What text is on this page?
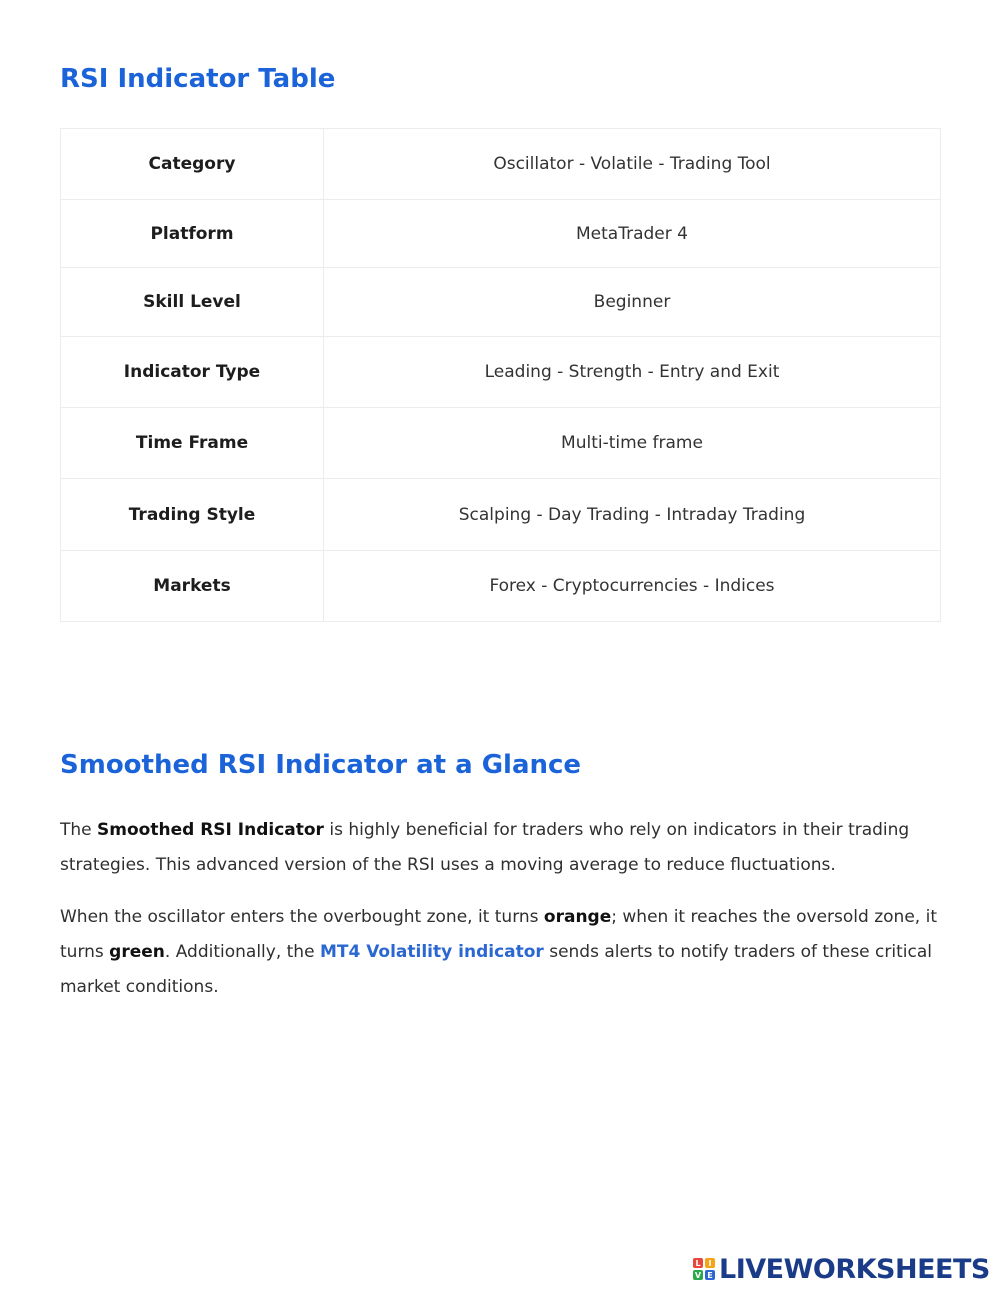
RSI Indicator Table
Category	Oscillator - Volatile - Trading Tool
Platform	MetaTrader 4
Skill Level	Beginner
Indicator Type	Leading - Strength - Entry and Exit
Time Frame	Multi-time frame
Trading Style	Scalping - Day Trading - Intraday Trading
Markets	Forex - Cryptocurrencies - Indices
Smoothed RSI Indicator at a Glance

The Smoothed RSI Indicator is highly beneficial for traders who rely on indicators in their trading strategies. This advanced version of the RSI uses a moving average to reduce fluctuations.

When the oscillator enters the overbought zone, it turns orange; when it reaches the oversold zone, it turns green. Additionally, the MT4 Volatility indicator sends alerts to notify traders of these critical market conditions.

L I
V E LIVEWORKSHEETS
